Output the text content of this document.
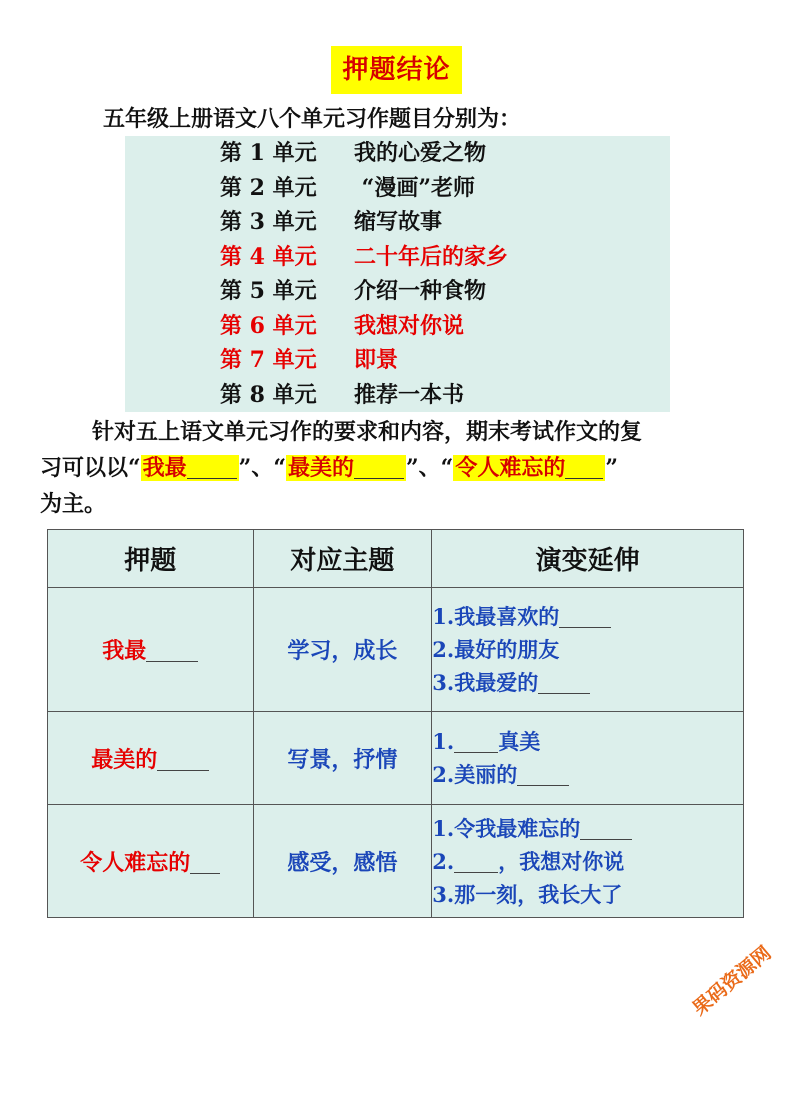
押题结论
五年级上册语文八个单元习作题目分别为：
第 1 单元 我的心爱之物
第 2 单元 “漫画”老师
第 3 单元 缩写故事
第 4 单元 二十年后的家乡
第 5 单元 介绍一种食物
第 6 单元 我想对你说
第 7 单元 即景
第 8 单元 推荐一本书

针对五上语文单元习作的要求和内容，期末考试作文的复

习可以以“我最 ”、“最美的 ”、“令人难忘的 ”

为主。

押题	对应主题	演变延伸
我最	学习，成长	1.我最喜欢的
2.最好的朋友
3.我最爱的

最美的	写景，抒情	1. 真美
2.美丽的

令人难忘的	感受，感悟	1.令我最难忘的
2. ，我想对你说
3.那一刻，我长大了
果码资源网
